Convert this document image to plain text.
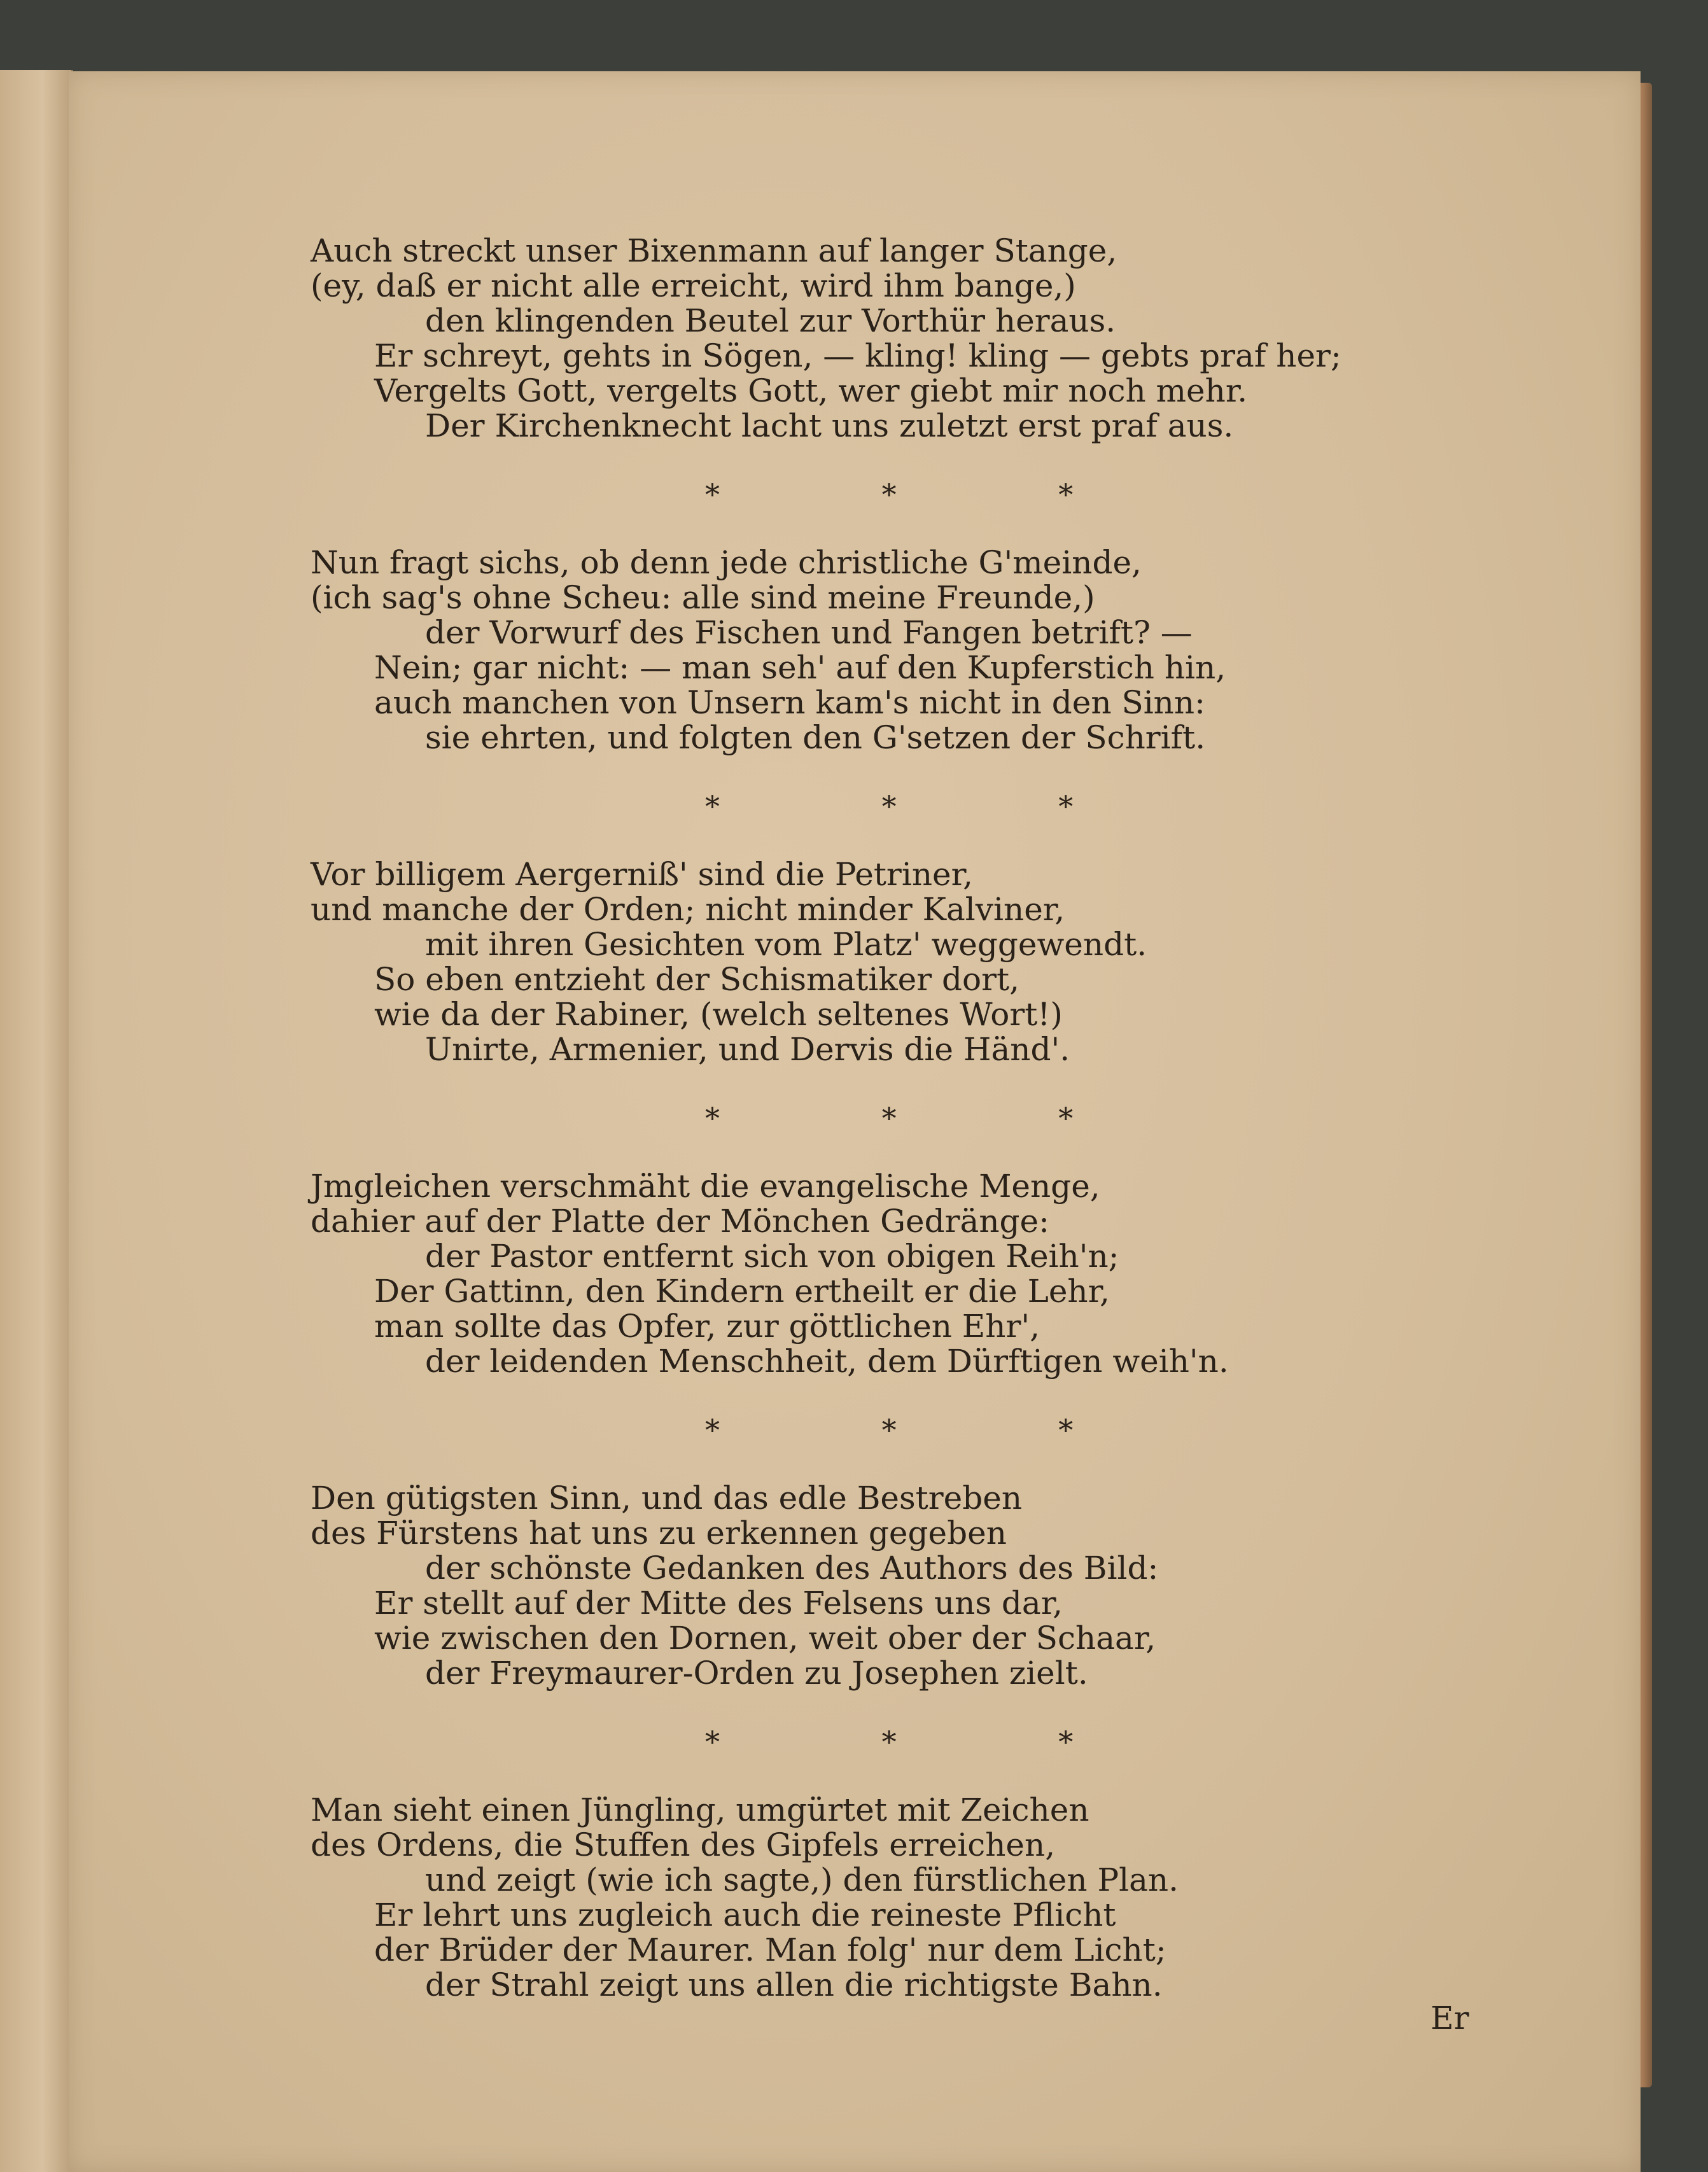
Auch streckt unser Bixenmann auf langer Stange,
(ey, daß er nicht alle erreicht, wird ihm bange,)
den klingenden Beutel zur Vorthür heraus.
Er schreyt, gehts in Sögen, — kling! kling — gebts praf her;
Vergelts Gott, vergelts Gott, wer giebt mir noch mehr.
Der Kirchenknecht lacht uns zuletzt erst praf aus.
* * *
Nun fragt sichs, ob denn jede christliche G'meinde,
(ich sag's ohne Scheu: alle sind meine Freunde,)
der Vorwurf des Fischen und Fangen betrift? —
Nein; gar nicht: — man seh' auf den Kupferstich hin,
auch manchen von Unsern kam's nicht in den Sinn:
sie ehrten, und folgten den G'setzen der Schrift.
* * *
Vor billigem Aergerniß' sind die Petriner,
und manche der Orden; nicht minder Kalviner,
mit ihren Gesichten vom Platz' weggewendt.
So eben entzieht der Schismatiker dort,
wie da der Rabiner, (welch seltenes Wort!)
Unirte, Armenier, und Dervis die Händ'.
* * *
Jmgleichen verschmäht die evangelische Menge,
dahier auf der Platte der Mönchen Gedränge:
der Pastor entfernt sich von obigen Reih'n;
Der Gattinn, den Kindern ertheilt er die Lehr,
man sollte das Opfer, zur göttlichen Ehr',
der leidenden Menschheit, dem Dürftigen weih'n.
* * *
Den gütigsten Sinn, und das edle Bestreben
des Fürstens hat uns zu erkennen gegeben
der schönste Gedanken des Authors des Bild:
Er stellt auf der Mitte des Felsens uns dar,
wie zwischen den Dornen, weit ober der Schaar,
der Freymaurer-Orden zu Josephen zielt.
* * *
Man sieht einen Jüngling, umgürtet mit Zeichen
des Ordens, die Stuffen des Gipfels erreichen,
und zeigt (wie ich sagte,) den fürstlichen Plan.
Er lehrt uns zugleich auch die reineste Pflicht
der Brüder der Maurer. Man folg' nur dem Licht;
der Strahl zeigt uns allen die richtigste Bahn.
Er
